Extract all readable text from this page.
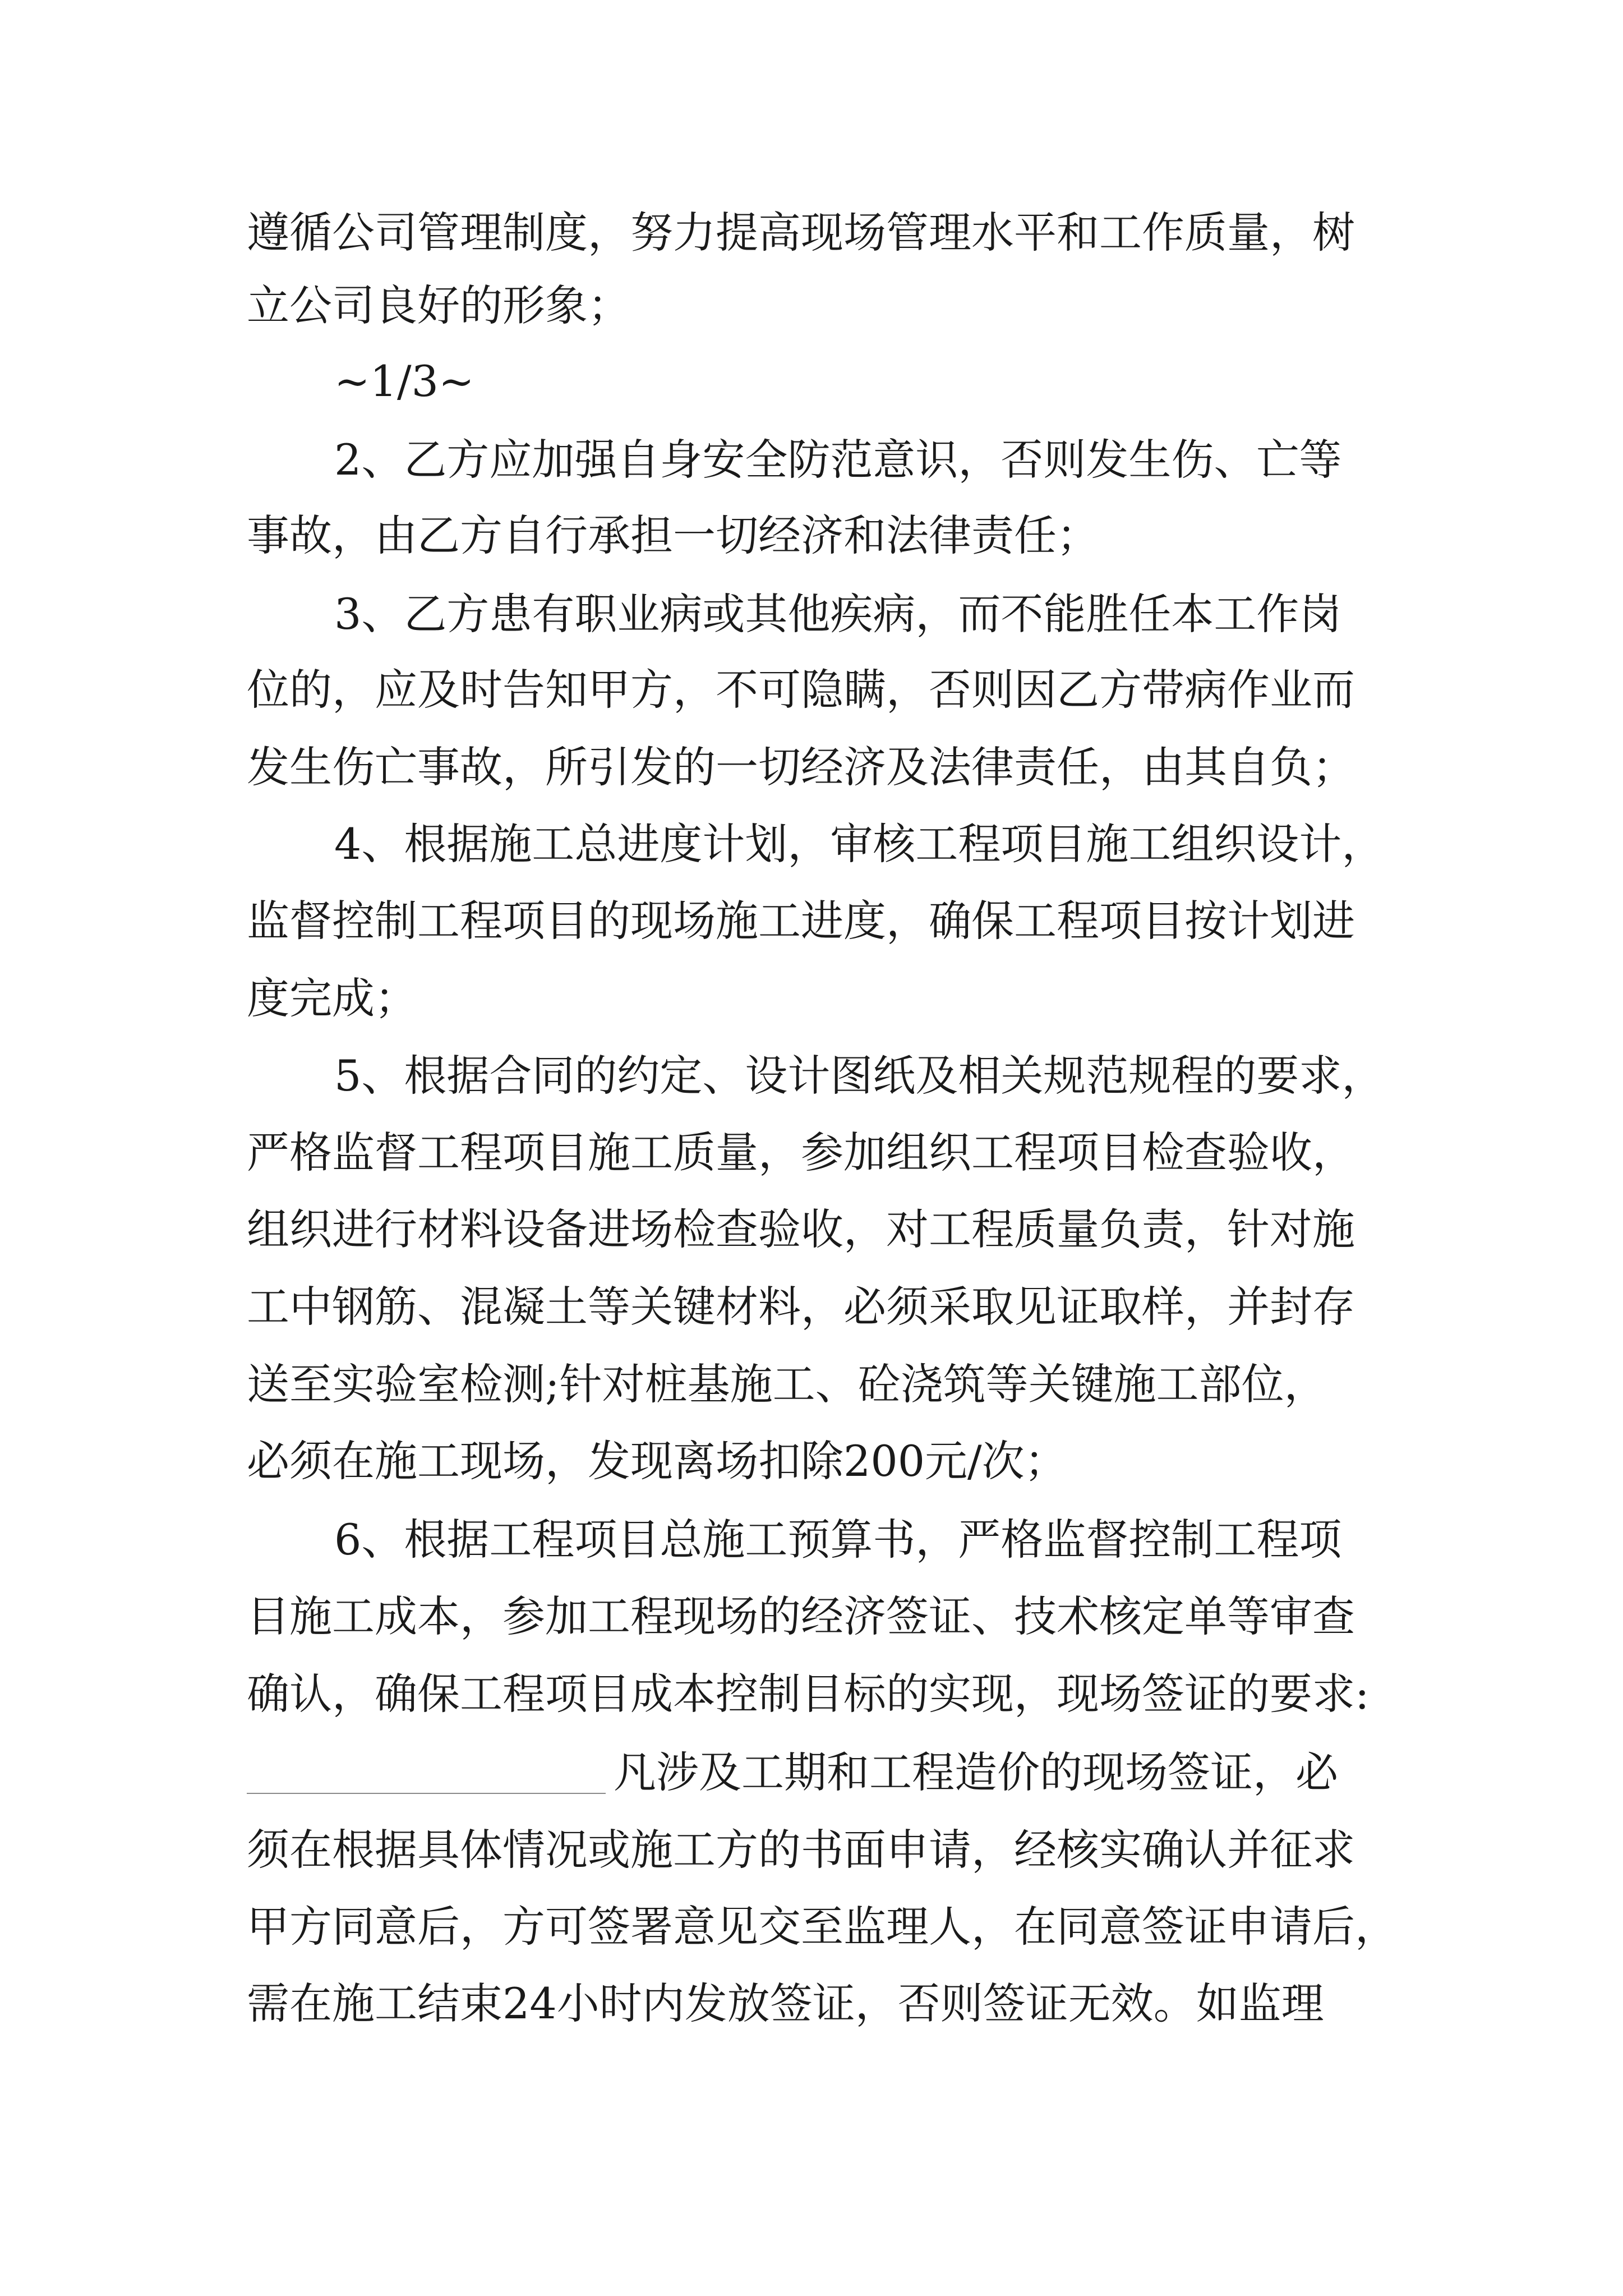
遵循公司管理制度，努力提高现场管理水平和工作质量，树
立公司良好的形象；
~1/3~
2、乙方应加强自身安全防范意识，否则发生伤、亡等
事故，由乙方自行承担一切经济和法律责任；
3、乙方患有职业病或其他疾病，而不能胜任本工作岗
位的，应及时告知甲方，不可隐瞒，否则因乙方带病作业而
发生伤亡事故，所引发的一切经济及法律责任，由其自负；
4、根据施工总进度计划，审核工程项目施工组织设计，
监督控制工程项目的现场施工进度，确保工程项目按计划进
度完成；
5、根据合同的约定、设计图纸及相关规范规程的要求，
严格监督工程项目施工质量，参加组织工程项目检查验收，
组织进行材料设备进场检查验收，对工程质量负责，针对施
工中钢筋、混凝土等关键材料，必须采取见证取样，并封存
送至实验室检测;针对桩基施工、砼浇筑等关键施工部位，
必须在施工现场，发现离场扣除200元/次；
6、根据工程项目总施工预算书，严格监督控制工程项
目施工成本，参加工程现场的经济签证、技术核定单等审查
确认，确保工程项目成本控制目标的实现，现场签证的要求:
凡涉及工期和工程造价的现场签证，必
须在根据具体情况或施工方的书面申请，经核实确认并征求
甲方同意后，方可签署意见交至监理人，在同意签证申请后，
需在施工结束24小时内发放签证，否则签证无效。如监理
